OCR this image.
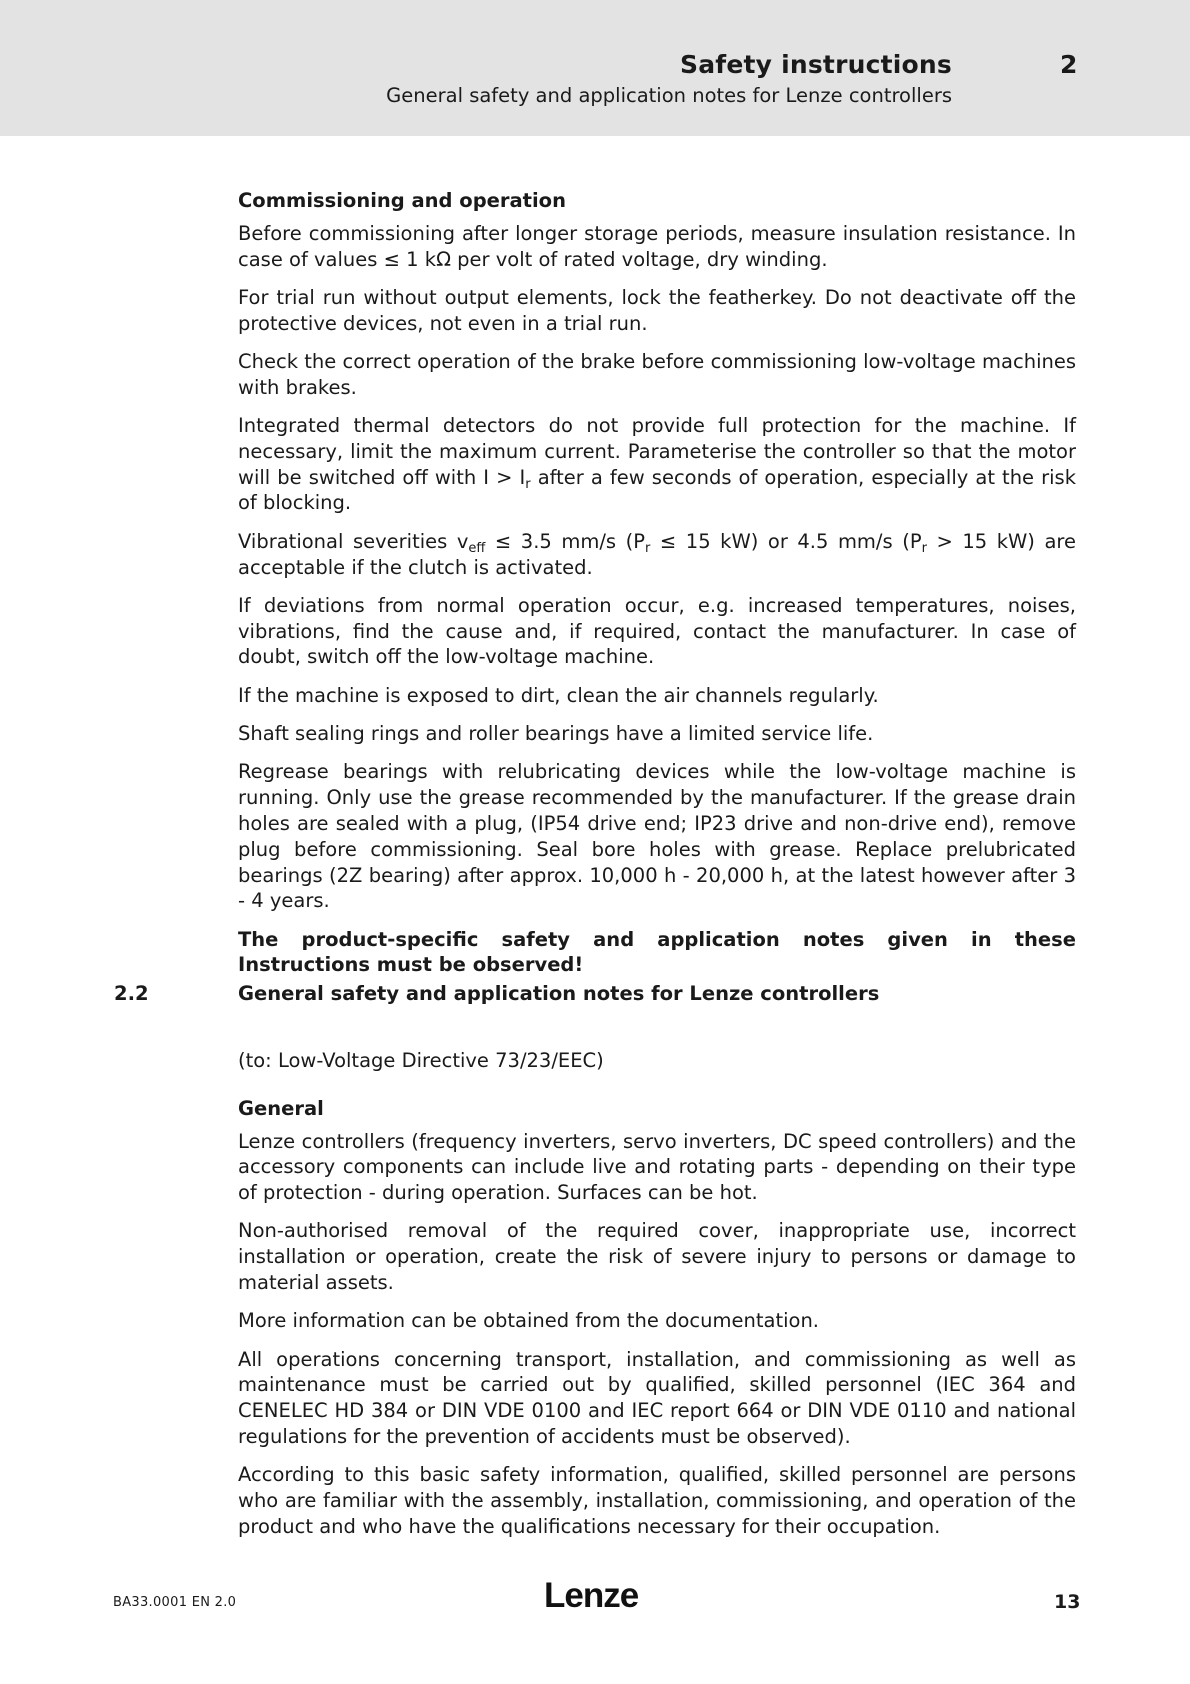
Safety instructions	2
General safety and application notes for Lenze controllers

Commissioning and operation

Before commissioning after longer storage periods, measure insulation resistance. In case of values ≤ 1 kΩ per volt of rated voltage, dry winding.

For trial run without output elements, lock the featherkey. Do not deactivate off the protective devices, not even in a trial run.

Check the correct operation of the brake before commissioning low-voltage machines with brakes.

Integrated thermal detectors do not provide full protection for the machine. If necessary, limit the maximum current. Parameterise the controller so that the motor will be switched off with $I > I_r$ after a few seconds of operation, especially at the risk of blocking.

Vibrational severities $v_{eff} \le 3.5$ mm/s ($P_r \le 15$ kW) or 4.5 mm/s ($P_r > 15$ kW) are acceptable if the clutch is activated.

If deviations from normal operation occur, e.g. increased temperatures, noises, vibrations, find the cause and, if required, contact the manufacturer. In case of doubt, switch off the low-voltage machine.

If the machine is exposed to dirt, clean the air channels regularly.

Shaft sealing rings and roller bearings have a limited service life.

Regrease bearings with relubricating devices while the low-voltage machine is running. Only use the grease recommended by the manufacturer. If the grease drain holes are sealed with a plug, (IP54 drive end; IP23 drive and non-drive end), remove plug before commissioning. Seal bore holes with grease. Replace prelubricated bearings (2Z bearing) after approx. 10,000 h - 20,000 h, at the latest however after 3 - 4 years.

The product-specific safety and application notes given in these Instructions must be observed!

2.2	General safety and application notes for Lenze controllers

(to: Low-Voltage Directive 73/23/EEC)

General

Lenze controllers (frequency inverters, servo inverters, DC speed controllers) and the accessory components can include live and rotating parts - depending on their type of protection - during operation. Surfaces can be hot.

Non-authorised removal of the required cover, inappropriate use, incorrect installation or operation, create the risk of severe injury to persons or damage to material assets.

More information can be obtained from the documentation.

All operations concerning transport, installation, and commissioning as well as maintenance must be carried out by qualified, skilled personnel (IEC 364 and CENELEC HD 384 or DIN VDE 0100 and IEC report 664 or DIN VDE 0110 and national regulations for the prevention of accidents must be observed).

According to this basic safety information, qualified, skilled personnel are persons who are familiar with the assembly, installation, commissioning, and operation of the product and who have the qualifications necessary for their occupation.

BA33.0001 EN 2.0	Lenze	13
